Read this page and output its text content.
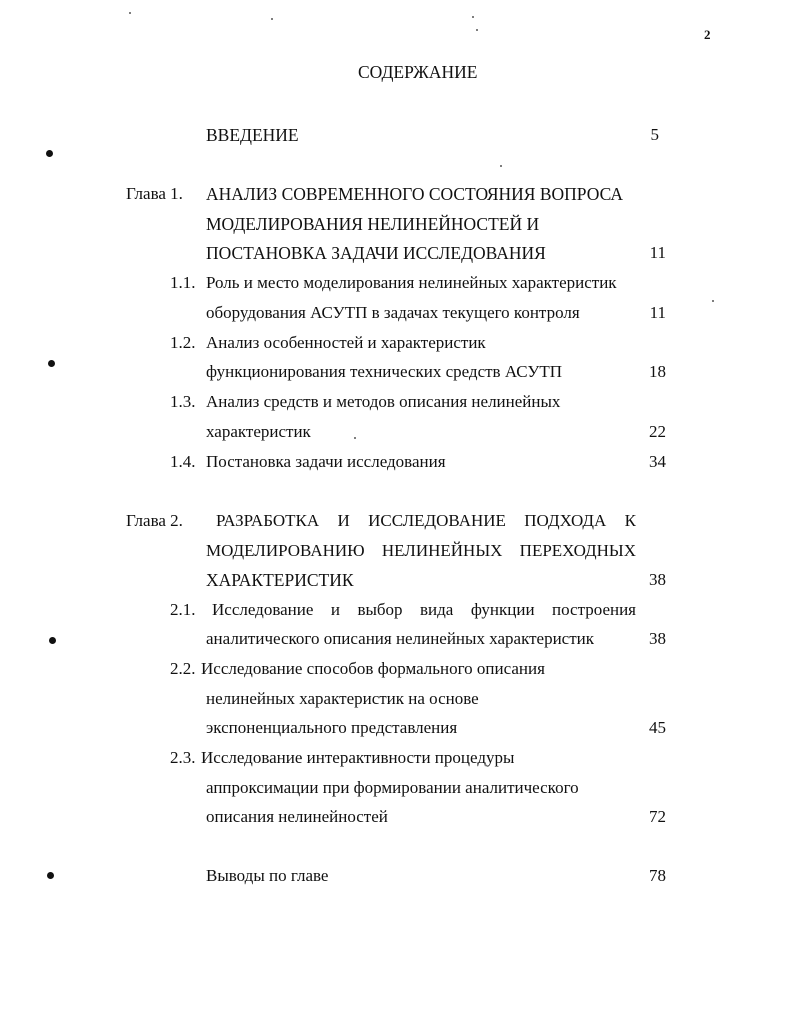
2
СОДЕРЖАНИЕ
ВВЕДЕНИЕ	5
Глава 1. АНАЛИЗ СОВРЕМЕННОГО СОСТОЯНИЯ ВОПРОСА
МОДЕЛИРОВАНИЯ НЕЛИНЕЙНОСТЕЙ И
ПОСТАНОВКА ЗАДАЧИ ИССЛЕДОВАНИЯ	11
1.1. Роль и место моделирования нелинейных характеристик
оборудования АСУТП в задачах текущего контроля	11
1.2. Анализ особенностей и характеристик
функционирования технических средств АСУТП	18
1.3. Анализ средств и методов описания нелинейных
характеристик	22
1.4. Постановка задачи исследования	34
Глава 2. РАЗРАБОТКА И ИССЛЕДОВАНИЕ ПОДХОДА К
МОДЕЛИРОВАНИЮ НЕЛИНЕЙНЫХ ПЕРЕХОДНЫХ
ХАРАКТЕРИСТИК	38
2.1. Исследование и выбор вида функции построения
аналитического описания нелинейных характеристик	38
2.2. Исследование способов формального описания
нелинейных характеристик на основе
экспоненциального представления	45
2.3. Исследование интерактивности процедуры
аппроксимации при формировании аналитического
описания нелинейностей	72
Выводы по главе	78
